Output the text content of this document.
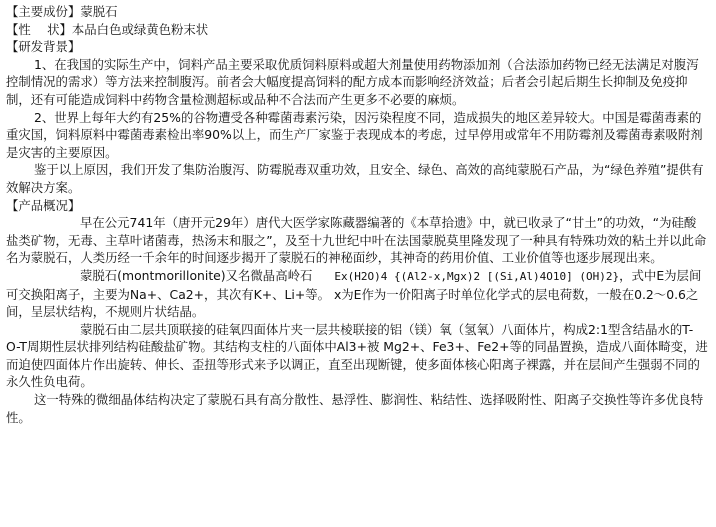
【主要成份】蒙脱石

【性　 状】本品白色或绿黄色粉末状

【研发背景】

1、在我国的实际生产中，饲料产品主要采取优质饲料原料或超大剂量使用药物添加剂（合法添加药物已经无法满足对腹泻控制情况的需求）等方法来控制腹泻。前者会大幅度提高饲料的配方成本而影响经济效益；后者会引起后期生长抑制及免疫抑制，还有可能造成饲料中药物含量检测超标或品种不合法而产生更多不必要的麻烦。

2、世界上每年大约有25%的谷物遭受各种霉菌毒素污染，因污染程度不同，造成损失的地区差异较大。中国是霉菌毒素的重灾国，饲料原料中霉菌毒素检出率90%以上，而生产厂家鉴于表现成本的考虑，过早停用或常年不用防霉剂及霉菌毒素吸附剂是灾害的主要原因。

鉴于以上原因，我们开发了集防治腹泻、防霉脱毒双重功效，且安全、绿色、高效的高纯蒙脱石产品，为“绿色养殖”提供有效解决方案。

【产品概况】

早在公元741年（唐开元29年）唐代大医学家陈藏器编著的《本草拾遗》中，就已收录了“甘土”的功效，“为硅酸盐类矿物，无毒、主草叶诸菌毒，热汤末和服之”，及至十九世纪中叶在法国蒙脱莫里隆发现了一种具有特殊功效的粘土并以此命名为蒙脱石，人类历经一千余年的时间逐步揭开了蒙脱石的神秘面纱，其神奇的药用价值、工业价值等也逐步展现出来。

蒙脱石(montmorillonite)又名微晶高岭石 Ex(H2O)4 {(Al2-x,Mgx)2 [(Si,Al)4O10] (OH)2}，式中E为层间可交换阳离子，主要为Na+、Ca2+，其次有K+、Li+等。 x为E作为一价阳离子时单位化学式的层电荷数，一般在0.2～0.6之间，呈层状结构，不规则片状结晶。

蒙脱石由二层共顶联接的硅氧四面体片夹一层共棱联接的铝（镁）氧（氢氧）八面体片，构成2:1型含结晶水的T-O-T周期性层状排列结构硅酸盐矿物。其结构支柱的八面体中Al3+被 Mg2+、Fe3+、Fe2+等的同晶置换，造成八面体畸变，进而迫使四面体片作出旋转、伸长、歪扭等形式来予以调正，直至出现断键，使多面体核心阳离子裸露，并在层间产生强弱不同的永久性负电荷。

这一特殊的微细晶体结构决定了蒙脱石具有高分散性、悬浮性、膨润性、粘结性、选择吸附性、阳离子交换性等许多优良特性。
